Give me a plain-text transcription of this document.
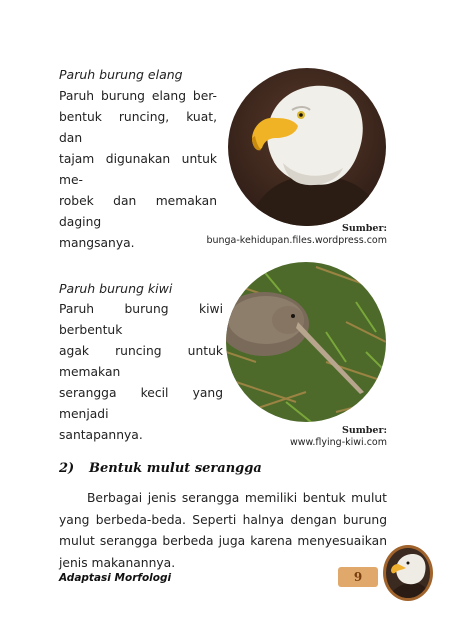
Paruh burung elang
Paruh burung elang ber-
bentuk runcing, kuat, dan
tajam digunakan untuk me-
robek dan memakan daging
mangsanya.
Sumber:
bunga-kehidupan.files.wordpress.com
Paruh burung kiwi
Paruh burung kiwi berbentuk
agak runcing untuk memakan
serangga kecil yang menjadi
santapannya.	Sumber:
www.flying-kiwi.com
2) Bentuk mulut serangga
Berbagai jenis serangga memiliki bentuk mulut yang berbeda-beda. Seperti halnya dengan burung mulut serangga berbeda juga karena menyesuaikan jenis makanannya.
Adaptasi Morfologi	9
